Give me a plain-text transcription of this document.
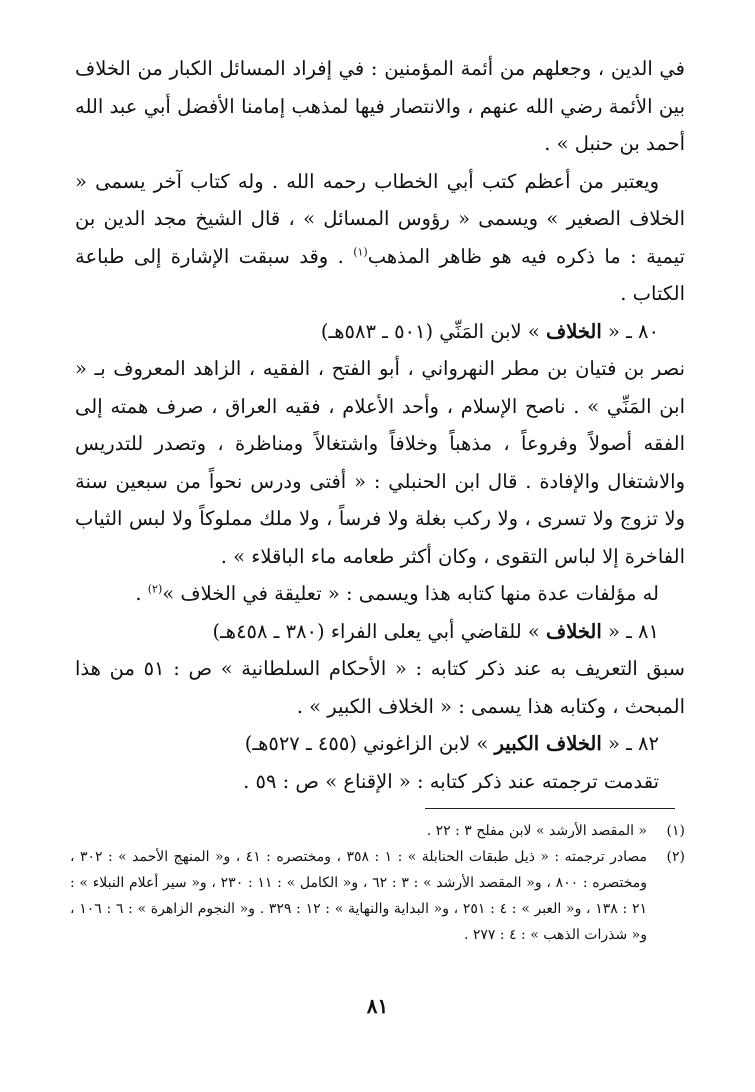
في الدين ، وجعلهم من أئمة المؤمنين : في إفراد المسائل الكبار من الخلاف بين الأئمة رضي الله عنهم ، والانتصار فيها لمذهب إمامنا الأفضل أبي عبد الله أحمد بن حنبل » .

ويعتبر من أعظم كتب أبي الخطاب رحمه الله . وله كتاب آخر يسمى « الخلاف الصغير » ويسمى « رؤوس المسائل » ، قال الشيخ مجد الدين بن تيمية : ما ذكره فيه هو ظاهر المذهب$^{(١)}$ . وقد سبقت الإشارة إلى طباعة الكتاب .

٨٠ ـ « الخلاف » لابن المَنِّي (٥٠١ ـ ٥٨٣هـ)

نصر بن فتيان بن مطر النهرواني ، أبو الفتح ، الفقيه ، الزاهد المعروف بـ « ابن المَنِّي » . ناصح الإسلام ، وأحد الأعلام ، فقيه العراق ، صرف همته إلى الفقه أصولاً وفروعاً ، مذهباً وخلافاً واشتغالاً ومناظرة ، وتصدر للتدريس والاشتغال والإفادة . قال ابن الحنبلي : « أفتى ودرس نحواً من سبعين سنة ولا تزوج ولا تسرى ، ولا ركب بغلة ولا فرساً ، ولا ملك مملوكاً ولا لبس الثياب الفاخرة إلا لباس التقوى ، وكان أكثر طعامه ماء الباقلاء » .

له مؤلفات عدة منها كتابه هذا ويسمى : « تعليقة في الخلاف »$^{(٢)}$ .

٨١ ـ « الخلاف » للقاضي أبي يعلى الفراء (٣٨٠ ـ ٤٥٨هـ)

سبق التعريف به عند ذكر كتابه : « الأحكام السلطانية » ص : ٥١ من هذا المبحث ، وكتابه هذا يسمى : « الخلاف الكبير » .

٨٢ ـ « الخلاف الكبير » لابن الزاغوني (٤٥٥ ـ ٥٢٧هـ)

تقدمت ترجمته عند ذكر كتابه : « الإقناع » ص : ٥٩ .

(١)
« المقصد الأرشد » لابن مفلح ٣ : ٢٢ .
(٢)
مصادر ترجمته : « ذيل طبقات الحنابلة » : ١ : ٣٥٨ ، ومختصره : ٤١ ، و« المنهج الأحمد » : ٣٠٢ ، ومختصره : ٨٠٠ ، و« المقصد الأرشد » : ٣ : ٦٢ ، و« الكامل » : ١١ : ٢٣٠ ، و« سير أعلام النبلاء » : ٢١ : ١٣٨ ، و« العبر » : ٤ : ٢٥١ ، و« البداية والنهاية » : ١٢ : ٣٢٩ . و« النجوم الزاهرة » : ٦ : ١٠٦ ، و« شذرات الذهب » : ٤ : ٢٧٧ .
٨١
